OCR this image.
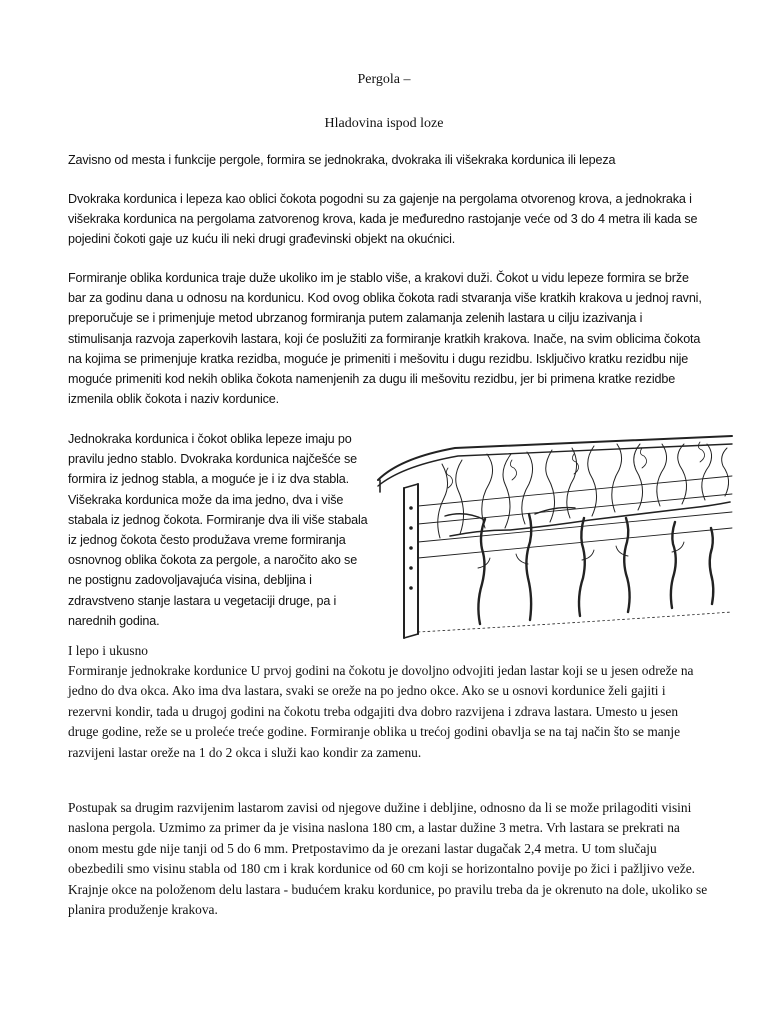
Pergola –
Hladovina ispod loze

Zavisno od mesta i funkcije pergole, formira se jednokraka, dvokraka ili višekraka kordunica ili lepeza

Dvokraka kordunica i lepeza kao oblici čokota pogodni su za gajenje na pergolama otvorenog krova, a jednokraka i višekraka kordunica na pergolama zatvorenog krova, kada je međuredno rastojanje veće od 3 do 4 metra ili kada se pojedini čokoti gaje uz kuću ili neki drugi građevinski objekt na okućnici.

Formiranje oblika kordunica traje duže ukoliko im je stablo više, a krakovi duži. Čokot u vidu lepeze formira se brže bar za godinu dana u odnosu na kordunicu. Kod ovog oblika čokota radi stvaranja više kratkih krakova u jednoj ravni, preporučuje se i primenjuje metod ubrzanog formiranja putem zalamanja zelenih lastara u cilju izazivanja i stimulisanja razvoja zaperkovih lastara, koji će poslužiti za formiranje kratkih krakova. Inače, na svim oblicima čokota na kojima se primenjuje kratka rezidba, moguće je primeniti i mešovitu i dugu rezidbu. Isključivo kratku rezidbu nije moguće primeniti kod nekih oblika čokota namenjenih za dugu ili mešovitu rezidbu, jer bi primena kratke rezidbe izmenila oblik čokota i naziv kordunice.

Jednokraka kordunica i čokot oblika lepeze imaju po pravilu jedno stablo. Dvokraka kordunica najčešće se formira iz jednog stabla, a moguće je i iz dva stabla. Višekraka kordunica može da ima jedno, dva i više stabala iz jednog čokota. Formiranje dva ili više stabala iz jednog čokota često produžava vreme formiranja osnovnog oblika čokota za pergole, a naročito ako se ne postignu zadovoljavajuća visina, debljina i zdravstveno stanje lastara u vegetaciji druge, pa i narednih godina.

I lepo i ukusno

Formiranje jednokrake kordunice U prvoj godini na čokotu je dovoljno odvojiti jedan lastar koji se u jesen odreže na jedno do dva okca. Ako ima dva lastara, svaki se oreže na po jedno okce. Ako se u osnovi kordunice želi gajiti i rezervni kondir, tada u drugoj godini na čokotu treba odgajiti dva dobro razvijena i zdrava lastara. Umesto u jesen druge godine, reže se u proleće treće godine. Formiranje oblika u trećoj godini obavlja se na taj način što se manje razvijeni lastar oreže na 1 do 2 okca i služi kao kondir za zamenu.

Postupak sa drugim razvijenim lastarom zavisi od njegove dužine i debljine, odnosno da li se može prilagoditi visini naslona pergola. Uzmimo za primer da je visina naslona 180 cm, a lastar dužine 3 metra. Vrh lastara se prekrati na onom mestu gde nije tanji od 5 do 6 mm. Pretpostavimo da je orezani lastar dugačak 2,4 metra. U tom slučaju obezbedili smo visinu stabla od 180 cm i krak kordunice od 60 cm koji se horizontalno povije po žici i pažljivo veže. Krajnje okce na položenom delu lastara - budućem kraku kordunice, po pravilu treba da je okrenuto na dole, ukoliko se planira produženje krakova.
